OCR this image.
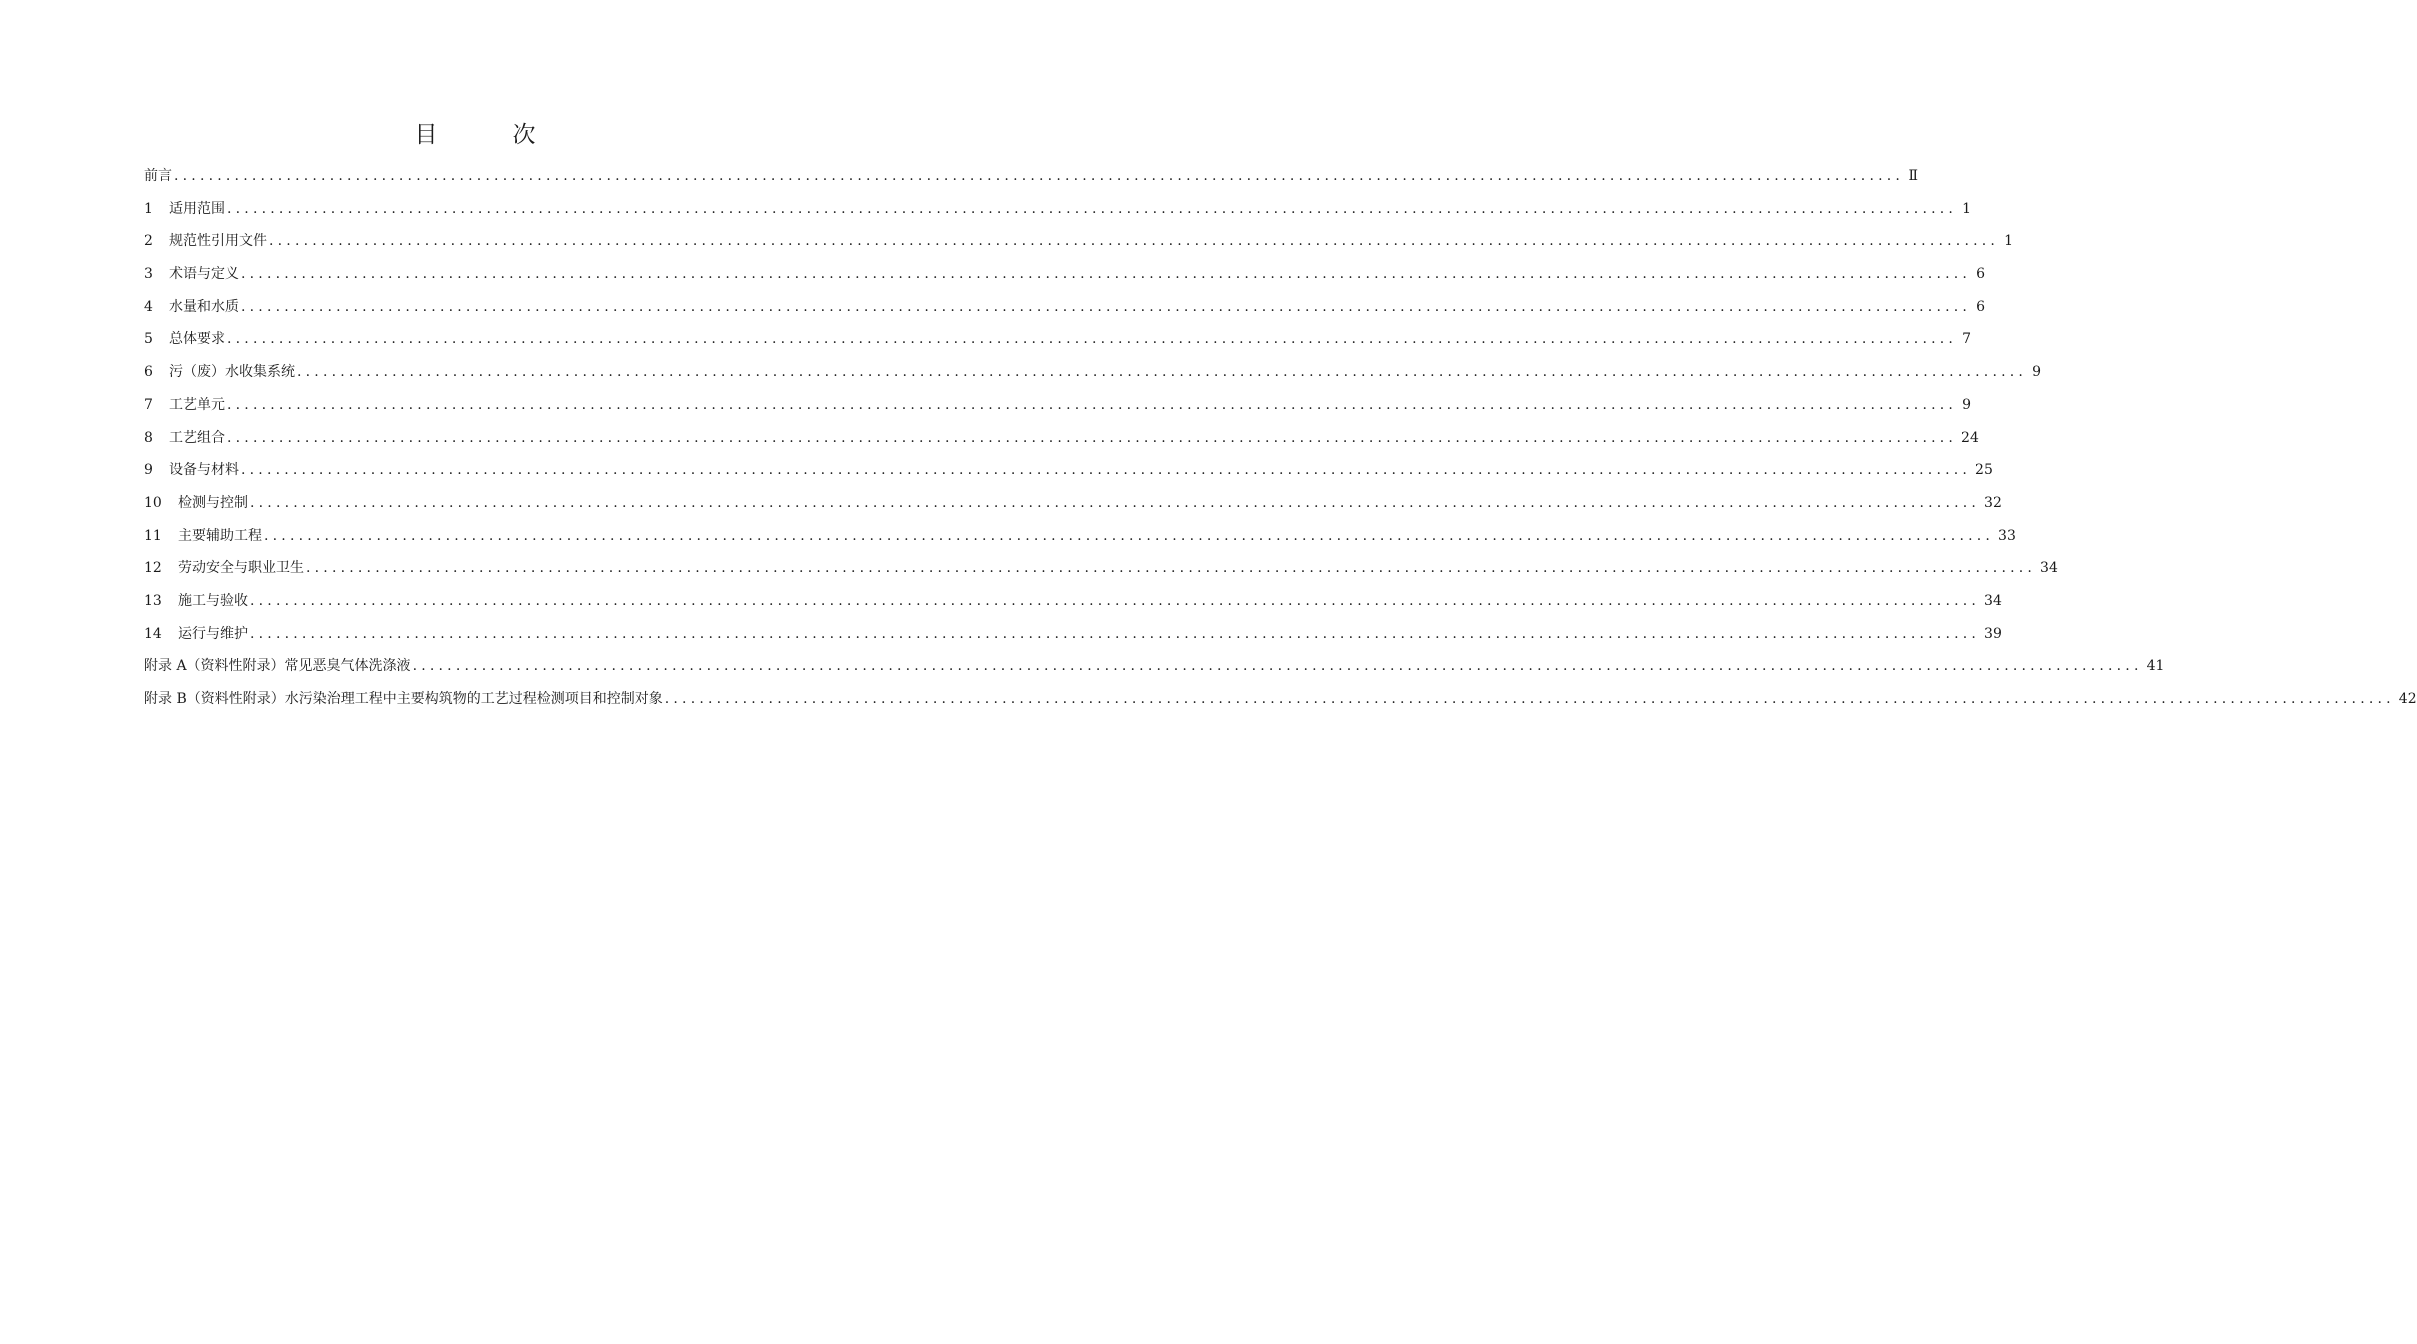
目　次
前言 ........................................................................................................................................................................................................ Ⅱ
1	适用范围 ........................................................................................................................................................................................................ 1
2	规范性引用文件 ........................................................................................................................................................................................................ 1
3	术语与定义 ........................................................................................................................................................................................................ 6
4	水量和水质 ........................................................................................................................................................................................................ 6
5	总体要求 ........................................................................................................................................................................................................ 7
6	污（废）水收集系统 ........................................................................................................................................................................................................ 9
7	工艺单元 ........................................................................................................................................................................................................ 9
8	工艺组合 ........................................................................................................................................................................................................ 24
9	设备与材料 ........................................................................................................................................................................................................ 25
10	检测与控制 ........................................................................................................................................................................................................ 32
11	主要辅助工程 ........................................................................................................................................................................................................ 33
12	劳动安全与职业卫生 ........................................................................................................................................................................................................ 34
13	施工与验收 ........................................................................................................................................................................................................ 34
14	运行与维护 ........................................................................................................................................................................................................ 39
附录 A（资料性附录）常见恶臭气体洗涤液 ........................................................................................................................................................................................................ 41
附录 B（资料性附录）水污染治理工程中主要构筑物的工艺过程检测项目和控制对象 ........................................................................................................................................................................................................ 42
